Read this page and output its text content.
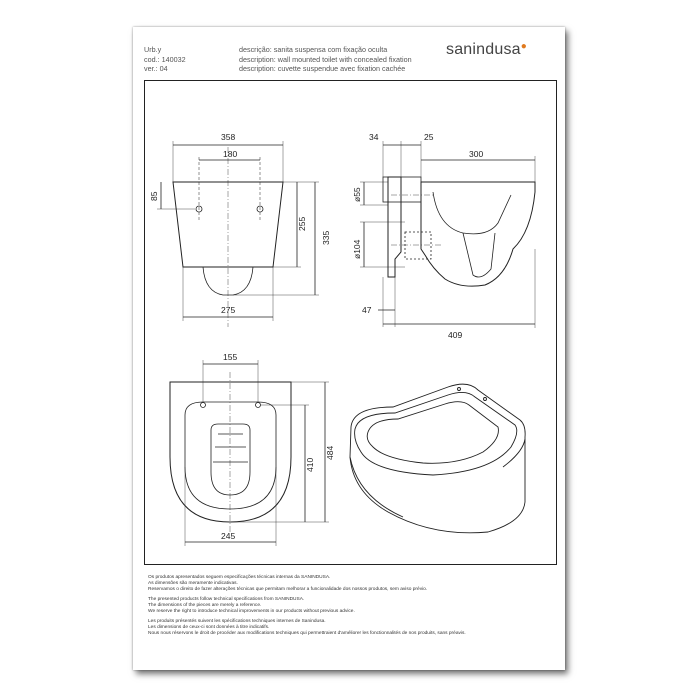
Urb.y
cod.: 140032
ver.: 04
descrição: sanita suspensa com fixação oculta
description: wall mounted toilet with concealed fixation
description: cuvette suspendue avec fixation cachée
sanindusa●
358
180
85
255
335
275
34	25
300
ø55
ø104
47
409
155
410
484
245

Os produtos apresentados seguem especificações técnicas internas da SANINDUSA.
As dimensões são meramente indicativas.
Reservamos o direito de fazer alterações técnicas que permitam melhorar a funcionalidade dos nossos produtos, sem aviso prévio.

The presented products follow technical specifications from SANINDUSA.
The dimensions of the pieces are merely a reference.
We reserve the right to introduce technical improvements in our products without previous advice.

Les produits présentés suivent les spécifications techniques internes de Sanindusa.
Les dimensions de ceux-ci sont données à titre indicatifs.
Nous nous réservons le droit de procéder aux modifications techniques qui permettraient d'améliorer les fonctionnalités de nos produits, sans préavis.
